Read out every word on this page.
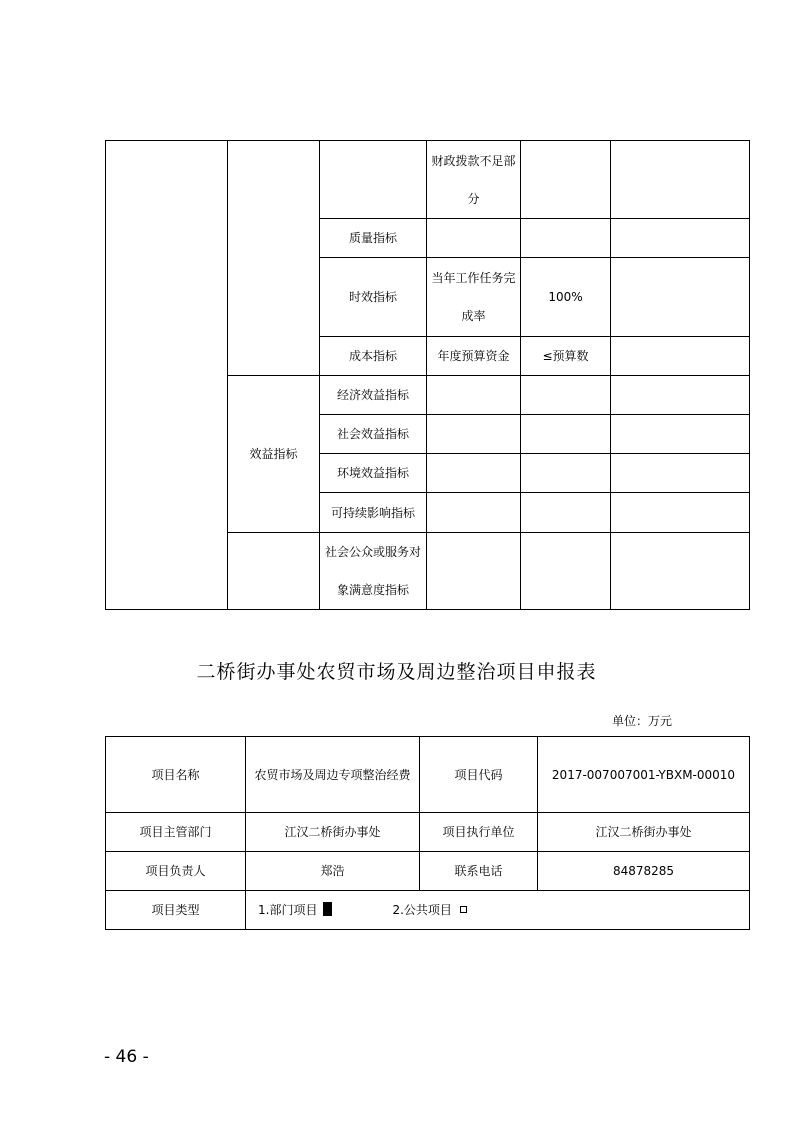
			财政拨款不足部分		
		质量指标			
		时效指标	当年工作任务完成率	100%	
		成本指标	年度预算资金	≤预算数	
	效益指标	经济效益指标			
		社会效益指标			
		环境效益指标			
		可持续影响指标			
		社会公众或服务对象满意度指标			
二桥街办事处农贸市场及周边整治项目申报表
单位：万元
项目名称	农贸市场及周边专项整治经费	项目代码	2017-007007001-YBXM-00010
项目主管部门	江汉二桥街办事处	项目执行单位	江汉二桥街办事处
项目负责人	郑浩	联系电话	84878285
项目类型	1.部门项目 2.公共项目		
- 46 -
